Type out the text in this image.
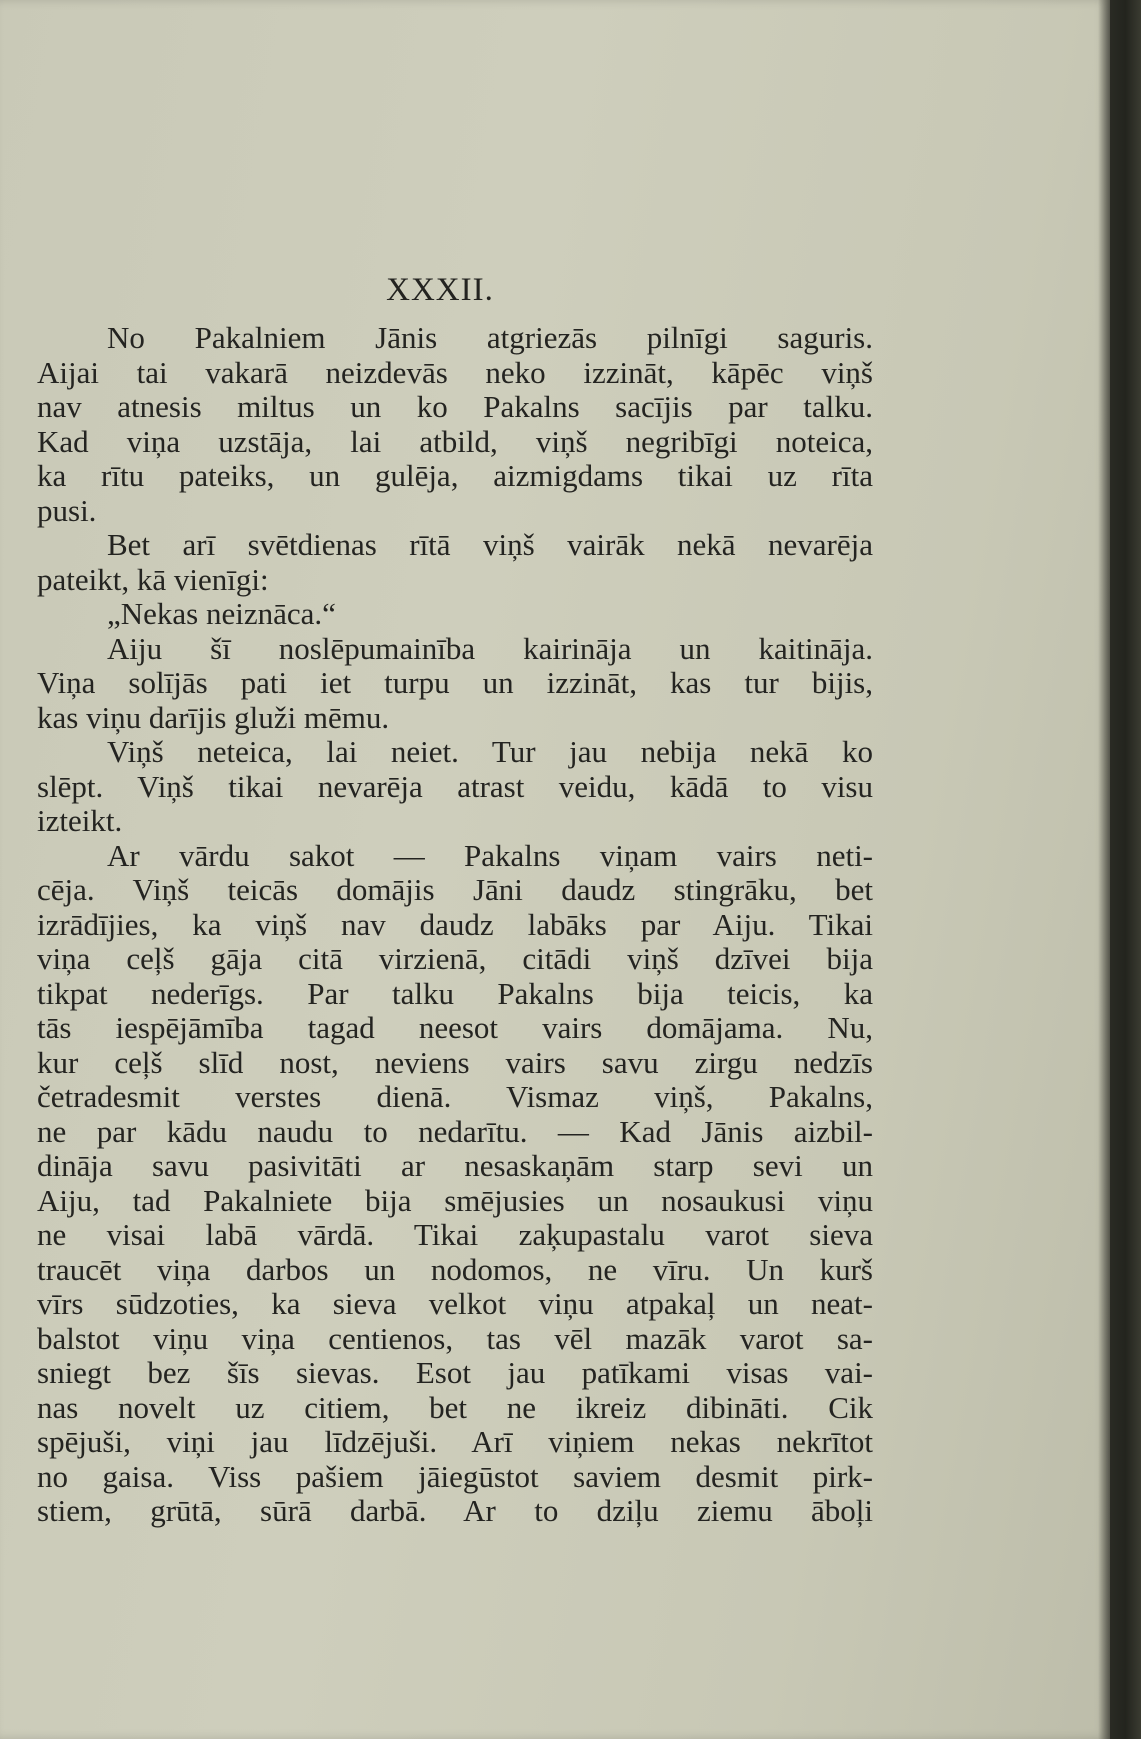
XXXII.
No Pakalniem Jānis atgriezās pilnīgi saguris.
Aijai tai vakarā neizdevās neko izzināt, kāpēc viņš
nav atnesis miltus un ko Pakalns sacījis par talku.
Kad viņa uzstāja, lai atbild, viņš negribīgi noteica,
ka rītu pateiks, un gulēja, aizmigdams tikai uz rīta
pusi.
Bet arī svētdienas rītā viņš vairāk nekā nevarēja
pateikt, kā vienīgi:
„Nekas neiznāca.“
Aiju šī noslēpumainība kairināja un kaitināja.
Viņa solījās pati iet turpu un izzināt, kas tur bijis,
kas viņu darījis gluži mēmu.
Viņš neteica, lai neiet. Tur jau nebija nekā ko
slēpt. Viņš tikai nevarēja atrast veidu, kādā to visu
izteikt.
Ar vārdu sakot — Pakalns viņam vairs neti-
cēja. Viņš teicās domājis Jāni daudz stingrāku, bet
izrādījies, ka viņš nav daudz labāks par Aiju. Tikai
viņa ceļš gāja citā virzienā, citādi viņš dzīvei bija
tikpat nederīgs. Par talku Pakalns bija teicis, ka
tās iespējāmība tagad neesot vairs domājama. Nu,
kur ceļš slīd nost, neviens vairs savu zirgu nedzīs
četradesmit verstes dienā. Vismaz viņš, Pakalns,
ne par kādu naudu to nedarītu. — Kad Jānis aizbil-
dināja savu pasivitāti ar nesaskaņām starp sevi un
Aiju, tad Pakalniete bija smējusies un nosaukusi viņu
ne visai labā vārdā. Tikai zaķupastalu varot sieva
traucēt viņa darbos un nodomos, ne vīru. Un kurš
vīrs sūdzoties, ka sieva velkot viņu atpakaļ un neat-
balstot viņu viņa centienos, tas vēl mazāk varot sa-
sniegt bez šīs sievas. Esot jau patīkami visas vai-
nas novelt uz citiem, bet ne ikreiz dibināti. Cik
spējuši, viņi jau līdzējuši. Arī viņiem nekas nekrītot
no gaisa. Viss pašiem jāiegūstot saviem desmit pirk-
stiem, grūtā, sūrā darbā. Ar to dziļu ziemu āboļi
